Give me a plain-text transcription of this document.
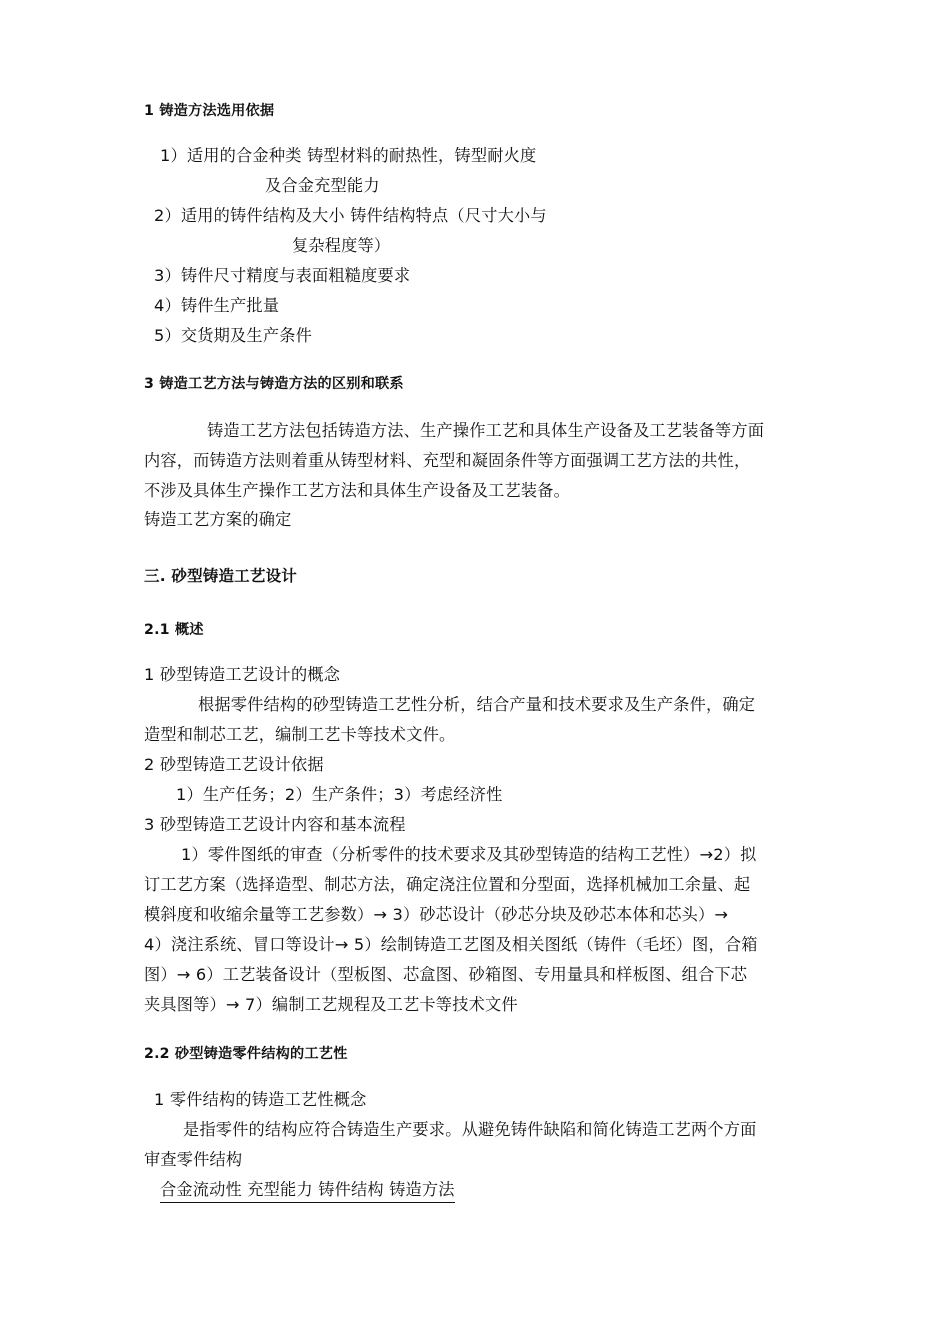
1 铸造方法选用依据
1）适用的合金种类 铸型材料的耐热性，铸型耐火度
及合金充型能力
2）适用的铸件结构及大小 铸件结构特点（尺寸大小与
复杂程度等）
3）铸件尺寸精度与表面粗糙度要求
4）铸件生产批量
5）交货期及生产条件
3 铸造工艺方法与铸造方法的区别和联系
铸造工艺方法包括铸造方法、生产操作工艺和具体生产设备及工艺装备等方面
内容，而铸造方法则着重从铸型材料、充型和凝固条件等方面强调工艺方法的共性，
不涉及具体生产操作工艺方法和具体生产设备及工艺装备。
铸造工艺方案的确定
三. 砂型铸造工艺设计
2.1 概述
1 砂型铸造工艺设计的概念
根据零件结构的砂型铸造工艺性分析，结合产量和技术要求及生产条件，确定
造型和制芯工艺，编制工艺卡等技术文件。
2 砂型铸造工艺设计依据
1）生产任务；2）生产条件；3）考虑经济性
3 砂型铸造工艺设计内容和基本流程
1）零件图纸的审查（分析零件的技术要求及其砂型铸造的结构工艺性）→2）拟
订工艺方案（选择造型、制芯方法，确定浇注位置和分型面，选择机械加工余量、起
模斜度和收缩余量等工艺参数）→ 3）砂芯设计（砂芯分块及砂芯本体和芯头）→
4）浇注系统、冒口等设计→ 5）绘制铸造工艺图及相关图纸（铸件（毛坯）图，合箱
图）→ 6）工艺装备设计（型板图、芯盒图、砂箱图、专用量具和样板图、组合下芯
夹具图等）→ 7）编制工艺规程及工艺卡等技术文件
2.2 砂型铸造零件结构的工艺性
1 零件结构的铸造工艺性概念
是指零件的结构应符合铸造生产要求。从避免铸件缺陷和简化铸造工艺两个方面
审查零件结构
合金流动性 充型能力 铸件结构 铸造方法
